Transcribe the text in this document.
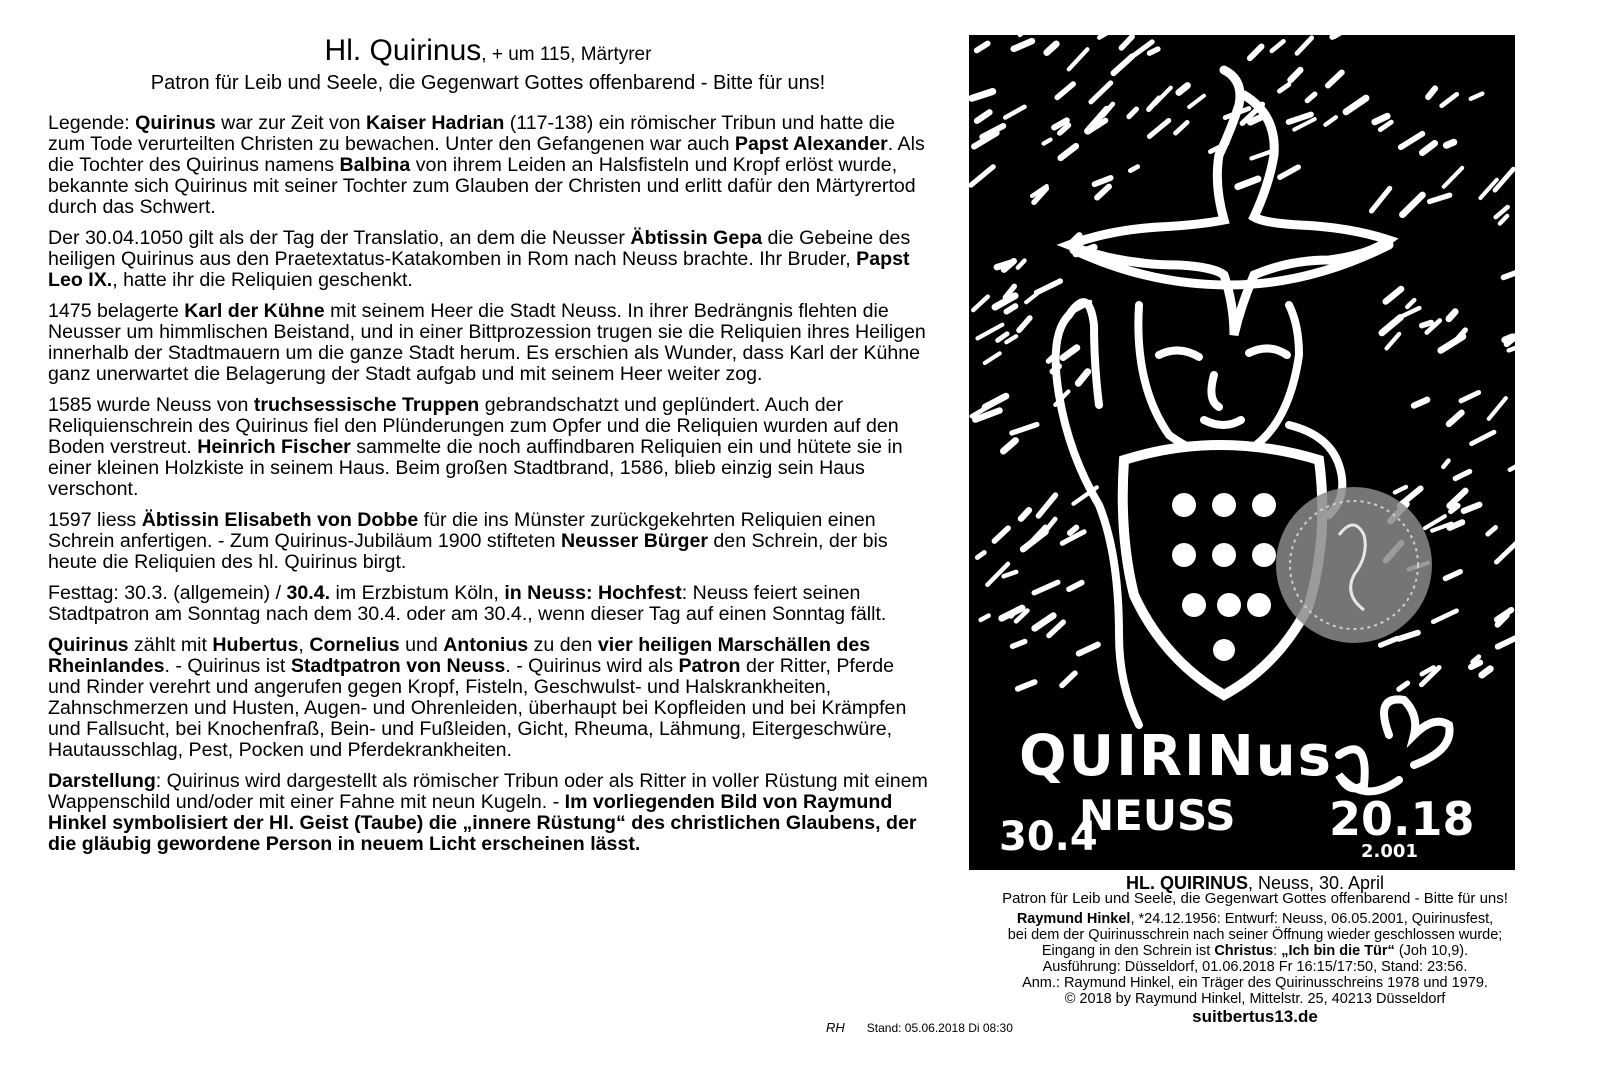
Hl. Quirinus, + um 115, Märtyrer
Patron für Leib und Seele, die Gegenwart Gottes offenbarend - Bitte für uns!

Legende: Quirinus war zur Zeit von Kaiser Hadrian (117-138) ein römischer Tribun und hatte die zum Tode verurteilten Christen zu bewachen. Unter den Gefangenen war auch Papst Alexander. Als die Tochter des Quirinus namens Balbina von ihrem Leiden an Halsfisteln und Kropf erlöst wurde, bekannte sich Quirinus mit seiner Tochter zum Glauben der Christen und erlitt dafür den Märtyrertod durch das Schwert.

Der 30.04.1050 gilt als der Tag der Translatio, an dem die Neusser Äbtissin Gepa die Gebeine des heiligen Quirinus aus den Praetextatus-Katakomben in Rom nach Neuss brachte. Ihr Bruder, Papst Leo IX., hatte ihr die Reliquien geschenkt.

1475 belagerte Karl der Kühne mit seinem Heer die Stadt Neuss. In ihrer Bedrängnis flehten die Neusser um himmlischen Beistand, und in einer Bittprozession trugen sie die Reliquien ihres Heiligen innerhalb der Stadtmauern um die ganze Stadt herum. Es erschien als Wunder, dass Karl der Kühne ganz unerwartet die Belagerung der Stadt aufgab und mit seinem Heer weiter zog.

1585 wurde Neuss von truchsessische Truppen gebrandschatzt und geplündert. Auch der Reliquienschrein des Quirinus fiel den Plünderungen zum Opfer und die Reliquien wurden auf den Boden verstreut. Heinrich Fischer sammelte die noch auffindbaren Reliquien ein und hütete sie in einer kleinen Holzkiste in seinem Haus. Beim großen Stadtbrand, 1586, blieb einzig sein Haus verschont.

1597 liess Äbtissin Elisabeth von Dobbe für die ins Münster zurückgekehrten Reliquien einen Schrein anfertigen. - Zum Quirinus-Jubiläum 1900 stifteten Neusser Bürger den Schrein, der bis heute die Reliquien des hl. Quirinus birgt.

Festtag: 30.3. (allgemein) / 30.4. im Erzbistum Köln, in Neuss: Hochfest: Neuss feiert seinen Stadtpatron am Sonntag nach dem 30.4. oder am 30.4., wenn dieser Tag auf einen Sonntag fällt.

Quirinus zählt mit Hubertus, Cornelius und Antonius zu den vier heiligen Marschällen des Rheinlandes. - Quirinus ist Stadtpatron von Neuss. - Quirinus wird als Patron der Ritter, Pferde und Rinder verehrt und angerufen gegen Kropf, Fisteln, Geschwulst- und Halskrankheiten, Zahnschmerzen und Husten, Augen- und Ohrenleiden, überhaupt bei Kopfleiden und bei Krämpfen und Fallsucht, bei Knochenfraß, Bein- und Fußleiden, Gicht, Rheuma, Lähmung, Eitergeschwüre, Hautausschlag, Pest, Pocken und Pferdekrankheiten.

Darstellung: Quirinus wird dargestellt als römischer Tribun oder als Ritter in voller Rüstung mit einem Wappenschild und/oder mit einer Fahne mit neun Kugeln. - Im vorliegenden Bild von Raymund Hinkel symbolisiert der Hl. Geist (Taube) die „innere Rüstung“ des christlichen Glaubens, der die gläubig gewordene Person in neuem Licht erscheinen lässt.

RH Stand: 05.06.2018 Di 08:30
QUIRINus
NEUSS
30.4	20.18
2.001
HL. QUIRINUS, Neuss, 30. April
Patron für Leib und Seele, die Gegenwart Gottes offenbarend - Bitte für uns!
Raymund Hinkel, *24.12.1956: Entwurf: Neuss, 06.05.2001, Quirinusfest,
bei dem der Quirinusschrein nach seiner Öffnung wieder geschlossen wurde;
Eingang in den Schrein ist Christus: „Ich bin die Tür“ (Joh 10,9).
Ausführung: Düsseldorf, 01.06.2018 Fr 16:15/17:50, Stand: 23:56.
Anm.: Raymund Hinkel, ein Träger des Quirinusschreins 1978 und 1979.
© 2018 by Raymund Hinkel, Mittelstr. 25, 40213 Düsseldorf
suitbertus13.de
